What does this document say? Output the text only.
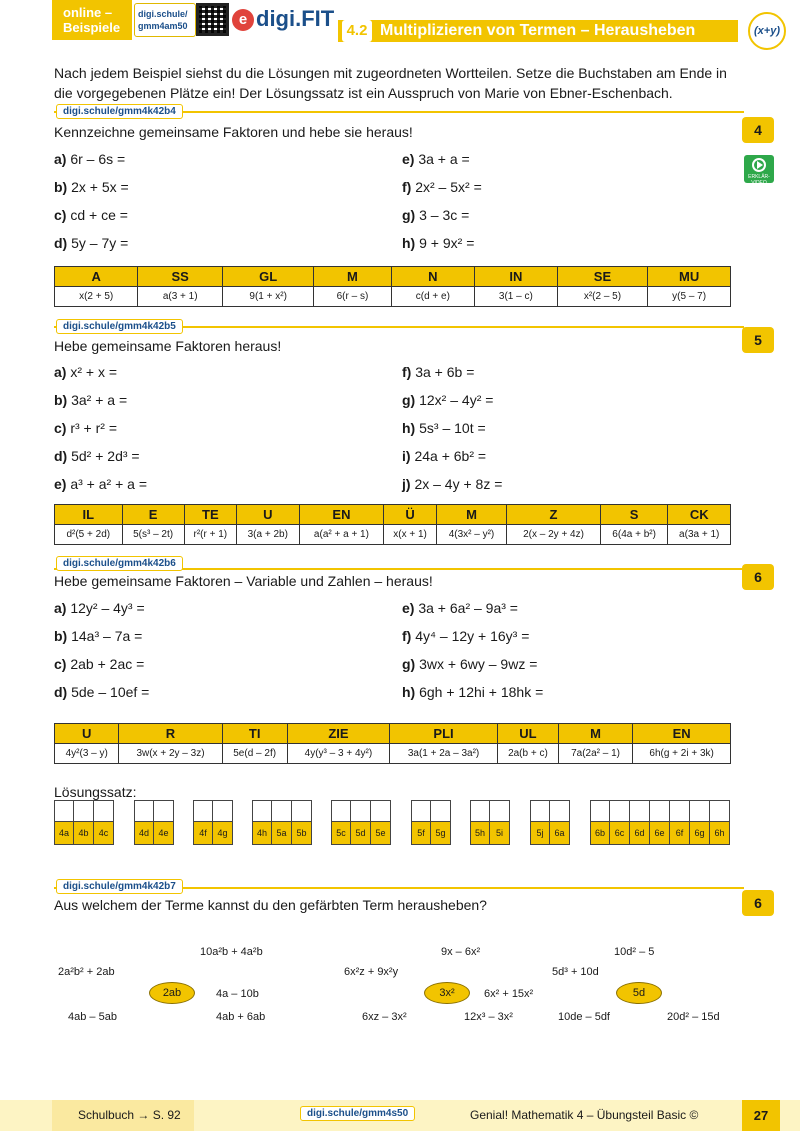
online –
Beispiele
digi.schule/
gmm4am50	e digi.FIT 4.2 Multiplizieren von Termen – Herausheben	(x+y)
Nach jedem Beispiel siehst du die Lösungen mit zugeordneten Wortteilen. Setze die Buchstaben am Ende in die vorgegebenen Plätze ein! Der Lösungssatz ist ein Ausspruch von Marie von Ebner-Eschenbach.
digi.schule/gmm4k42b4
Kennzeichne gemeinsame Faktoren und hebe sie heraus!	4
ERKLÄR-VIDEO
a) 6r – 6s =
b) 2x + 5x =
c) cd + ce =
d) 5y – 7y =
e) 3a + a =
f) 2x² – 5x² =
g) 3 – 3c =
h) 9 + 9x² =
A	SS	GL	M	N	IN	SE	MU
x(2 + 5)	a(3 + 1)	9(1 + x²)	6(r – s)	c(d + e)	3(1 – c)	x²(2 – 5)	y(5 – 7)
digi.schule/gmm4k42b5
Hebe gemeinsame Faktoren heraus!	5
a) x² + x =
b) 3a² + a =
c) r³ + r² =
d) 5d² + 2d³ =
e) a³ + a² + a =
f) 3a + 6b =
g) 12x² – 4y² =
h) 5s³ – 10t =
i) 24a + 6b² =
j) 2x – 4y + 8z =
IL	E	TE	U	EN	Ü	M	Z	S	CK
d²(5 + 2d)	5(s³ – 2t)	r²(r + 1)	3(a + 2b)	a(a² + a + 1)	x(x + 1)	4(3x² – y²)	2(x – 2y + 4z)	6(4a + b²)	a(3a + 1)
digi.schule/gmm4k42b6
Hebe gemeinsame Faktoren – Variable und Zahlen – heraus!	6
a) 12y² – 4y³ =
b) 14a³ – 7a =
c) 2ab + 2ac =
d) 5de – 10ef =
e) 3a + 6a² – 9a³ =
f) 4y⁴ – 12y + 16y³ =
g) 3wx + 6wy – 9wz =
h) 6gh + 12hi + 18hk =
U	R	TI	ZIE	PLI	UL	M	EN
4y²(3 – y)	3w(x + 2y – 3z)	5e(d – 2f)	4y(y³ – 3 + 4y²)	3a(1 + 2a – 3a²)	2a(b + c)	7a(2a² – 1)	6h(g + 2i + 3k)
Lösungssatz:
4a	4b	4c	4d	4e	4f	4g	4h	5a	5b	5c	5d	5e	5f	5g	5h	5i	5j	6a	6b	6c	6d	6e	6f	6g	6h
digi.schule/gmm4k42b7
Aus welchem der Terme kannst du den gefärbten Term herausheben?	6
10a²b + 4a²b
2a²b² + 2ab
2ab	4a – 10b
4ab – 5ab	4ab + 6ab
9x – 6x²
6x²z + 9x²y
3x²	6x² + 15x²
6xz – 3x²	12x³ – 3x²
10d² – 5
5d³ + 10d
5d
10de – 5df	20d² – 15d
Schulbuch → S. 92	digi.schule/gmm4s50	Genial! Mathematik 4 – Übungsteil Basic ©	27
